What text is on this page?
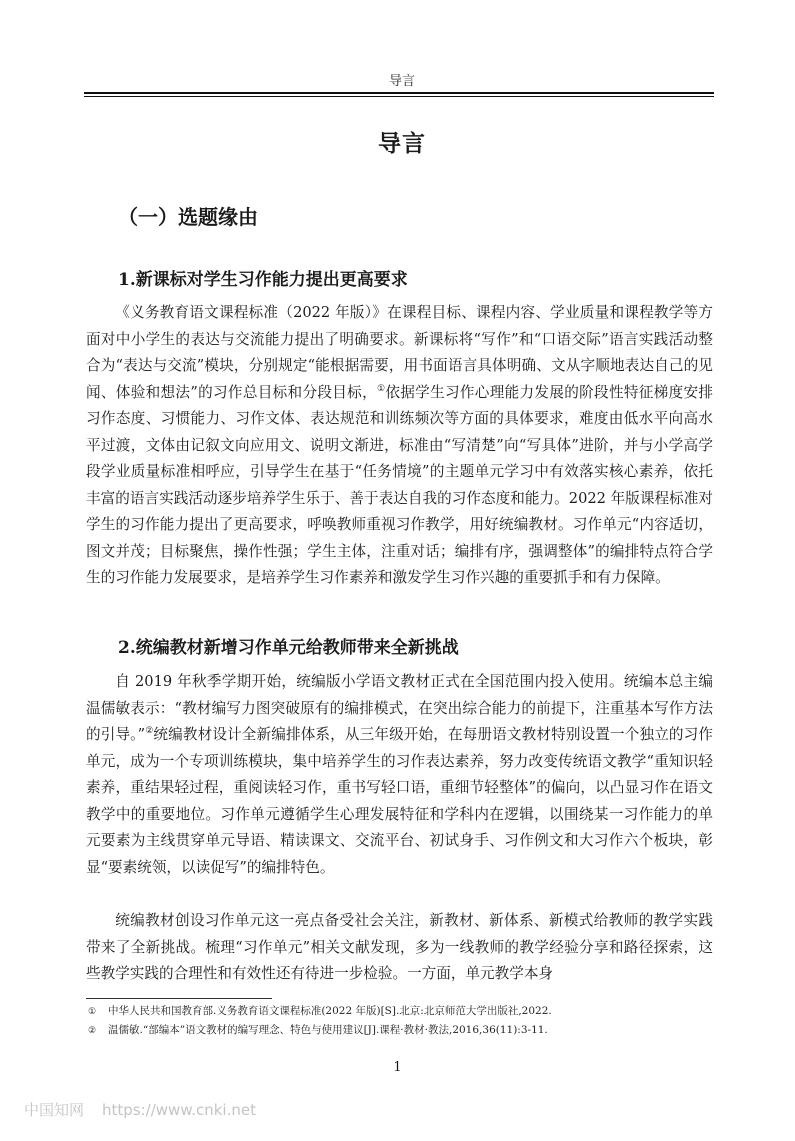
导言
导言
（一）选题缘由
1.新课标对学生习作能力提出更高要求

《义务教育语文课程标准（2022 年版）》在课程目标、课程内容、学业质量和课程教学等方面对中小学生的表达与交流能力提出了明确要求。新课标将“写作”和“口语交际”语言实践活动整合为“表达与交流”模块，分别规定“能根据需要，用书面语言具体明确、文从字顺地表达自己的见闻、体验和想法”的习作总目标和分段目标，①依据学生习作心理能力发展的阶段性特征梯度安排习作态度、习惯能力、习作文体、表达规范和训练频次等方面的具体要求，难度由低水平向高水平过渡，文体由记叙文向应用文、说明文渐进，标准由“写清楚”向“写具体”进阶，并与小学高学段学业质量标准相呼应，引导学生在基于“任务情境”的主题单元学习中有效落实核心素养，依托丰富的语言实践活动逐步培养学生乐于、善于表达自我的习作态度和能力。2022 年版课程标准对学生的习作能力提出了更高要求，呼唤教师重视习作教学，用好统编教材。习作单元“内容适切，图文并茂；目标聚焦，操作性强；学生主体，注重对话；编排有序，强调整体”的编排特点符合学生的习作能力发展要求，是培养学生习作素养和激发学生习作兴趣的重要抓手和有力保障。

2.统编教材新增习作单元给教师带来全新挑战

自 2019 年秋季学期开始，统编版小学语文教材正式在全国范围内投入使用。统编本总主编温儒敏表示：“教材编写力图突破原有的编排模式，在突出综合能力的前提下，注重基本写作方法的引导。”②统编教材设计全新编排体系，从三年级开始，在每册语文教材特别设置一个独立的习作单元，成为一个专项训练模块，集中培养学生的习作表达素养，努力改变传统语文教学“重知识轻素养，重结果轻过程，重阅读轻习作，重书写轻口语，重细节轻整体”的偏向，以凸显习作在语文教学中的重要地位。习作单元遵循学生心理发展特征和学科内在逻辑，以围绕某一习作能力的单元要素为主线贯穿单元导语、精读课文、交流平台、初试身手、习作例文和大习作六个板块，彰显“要素统领，以读促写”的编排特色。

统编教材创设习作单元这一亮点备受社会关注，新教材、新体系、新模式给教师的教学实践带来了全新挑战。梳理“习作单元”相关文献发现，多为一线教师的教学经验分享和路径探索，这些教学实践的合理性和有效性还有待进一步检验。一方面，单元教学本身

① 中华人民共和国教育部.义务教育语文课程标准(2022 年版)[S].北京:北京师范大学出版社,2022.
② 温儒敏.“部编本”语文教材的编写理念、特色与使用建议[J].课程·教材·教法,2016,36(11):3-11.
1
中国知网 https://www.cnki.net
